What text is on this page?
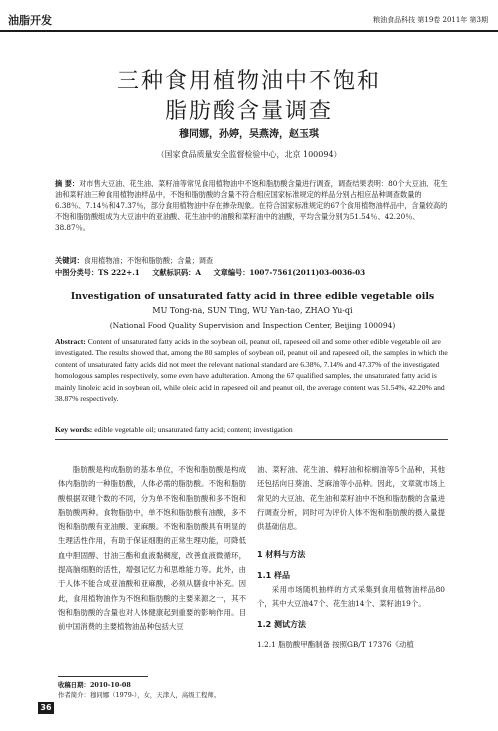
油脂开发	粮油食品科技 第19卷 2011年 第3期
三种食用植物油中不饱和
脂肪酸含量调查
穆同娜，孙婷，吴燕涛，赵玉琪
（国家食品质量安全监督检验中心，北京 100094）
摘 要：对市售大豆油、花生油、菜籽油等常见食用植物油中不饱和脂肪酸含量进行调查，调查结果表明：80个大豆油、花生油和菜籽油三种食用植物油样品中，不饱和脂肪酸的含量不符合相应国家标准规定的样品分别占相应品种调查数量的6.38％、7.14％和47.37％，部分食用植物油中存在掺杂现象。在符合国家标准规定的67个食用植物油样品中，含量较高的不饱和脂肪酸组成为大豆油中的亚油酸、花生油中的油酸和菜籽油中的油酸，平均含量分别为51.54％、42.20％、38.87％。
关键词：食用植物油；不饱和脂肪酸；含量；调查
中图分类号：TS 222+.1 文献标识码：A 文章编号：1007-7561(2011)03-0036-03
Investigation of unsaturated fatty acid in three edible vegetable oils
MU Tong-na, SUN Ting, WU Yan-tao, ZHAO Yu-qi
(National Food Quality Supervision and Inspection Center, Beijing 100094)
Abstract: Content of unsaturated fatty acids in the soybean oil, peanut oil, rapeseed oil and some other edible vegetable oil are investigated. The results showed that, among the 80 samples of soybean oil, peanut oil and rapeseed oil, the samples in which the content of unsaturated fatty acids did not meet the relevant national standard are 6.38%, 7.14% and 47.37% of the investigated homologous samples respectively, some even have adulteration. Among the 67 qualified samples, the unsaturated fatty acid is mainly linoleic acid in soybean oil, while oleic acid in rapeseed oil and peanut oil, the average content was 51.54%, 42.20% and 38.87% respectively.
Key words: edible vegetable oil; unsaturated fatty acid; content; investigation
脂肪酸是构成脂肪的基本单位，不饱和脂肪酸是构成体内脂肪的一种脂肪酸，人体必需的脂肪酸。不饱和脂肪酸根据双键个数的不同，分为单不饱和脂肪酸和多不饱和脂肪酸两种。食物脂肪中，单不饱和脂肪酸有油酸，多不饱和脂肪酸有亚油酸、亚麻酸。不饱和脂肪酸具有明显的生理活性作用，有助于保证细胞的正常生理功能，可降低血中胆固醇、甘油三酯和血液黏稠度，改善血液微循环，提高脑细胞的活性，增强记忆力和思维能力等。此外，由于人体不能合成亚油酸和亚麻酸，必须从膳食中补充。因此，食用植物油作为不饱和脂肪酸的主要来源之一，其不饱和脂肪酸的含量也对人体健康起到重要的影响作用。目前中国消费的主要植物油品种包括大豆
油、菜籽油、花生油、棉籽油和棕榈油等5个品种，其他还包括向日葵油、芝麻油等小品种。因此，文章就市场上常见的大豆油、花生油和菜籽油中不饱和脂肪酸的含量进行调查分析，同时可为评价人体不饱和脂肪酸的摄入量提供基础信息。
1 材料与方法
1.1 样品
采用市场随机抽样的方式采集到食用植物油样品80个，其中大豆油47个、花生油14个、菜籽油19个。
1.2 测试方法
1.2.1 脂肪酸甲酯制备 按照GB/T 17376《动植
收稿日期：2010-10-08
作者简介：穆同娜（1979-），女，天津人，高级工程师。
36
